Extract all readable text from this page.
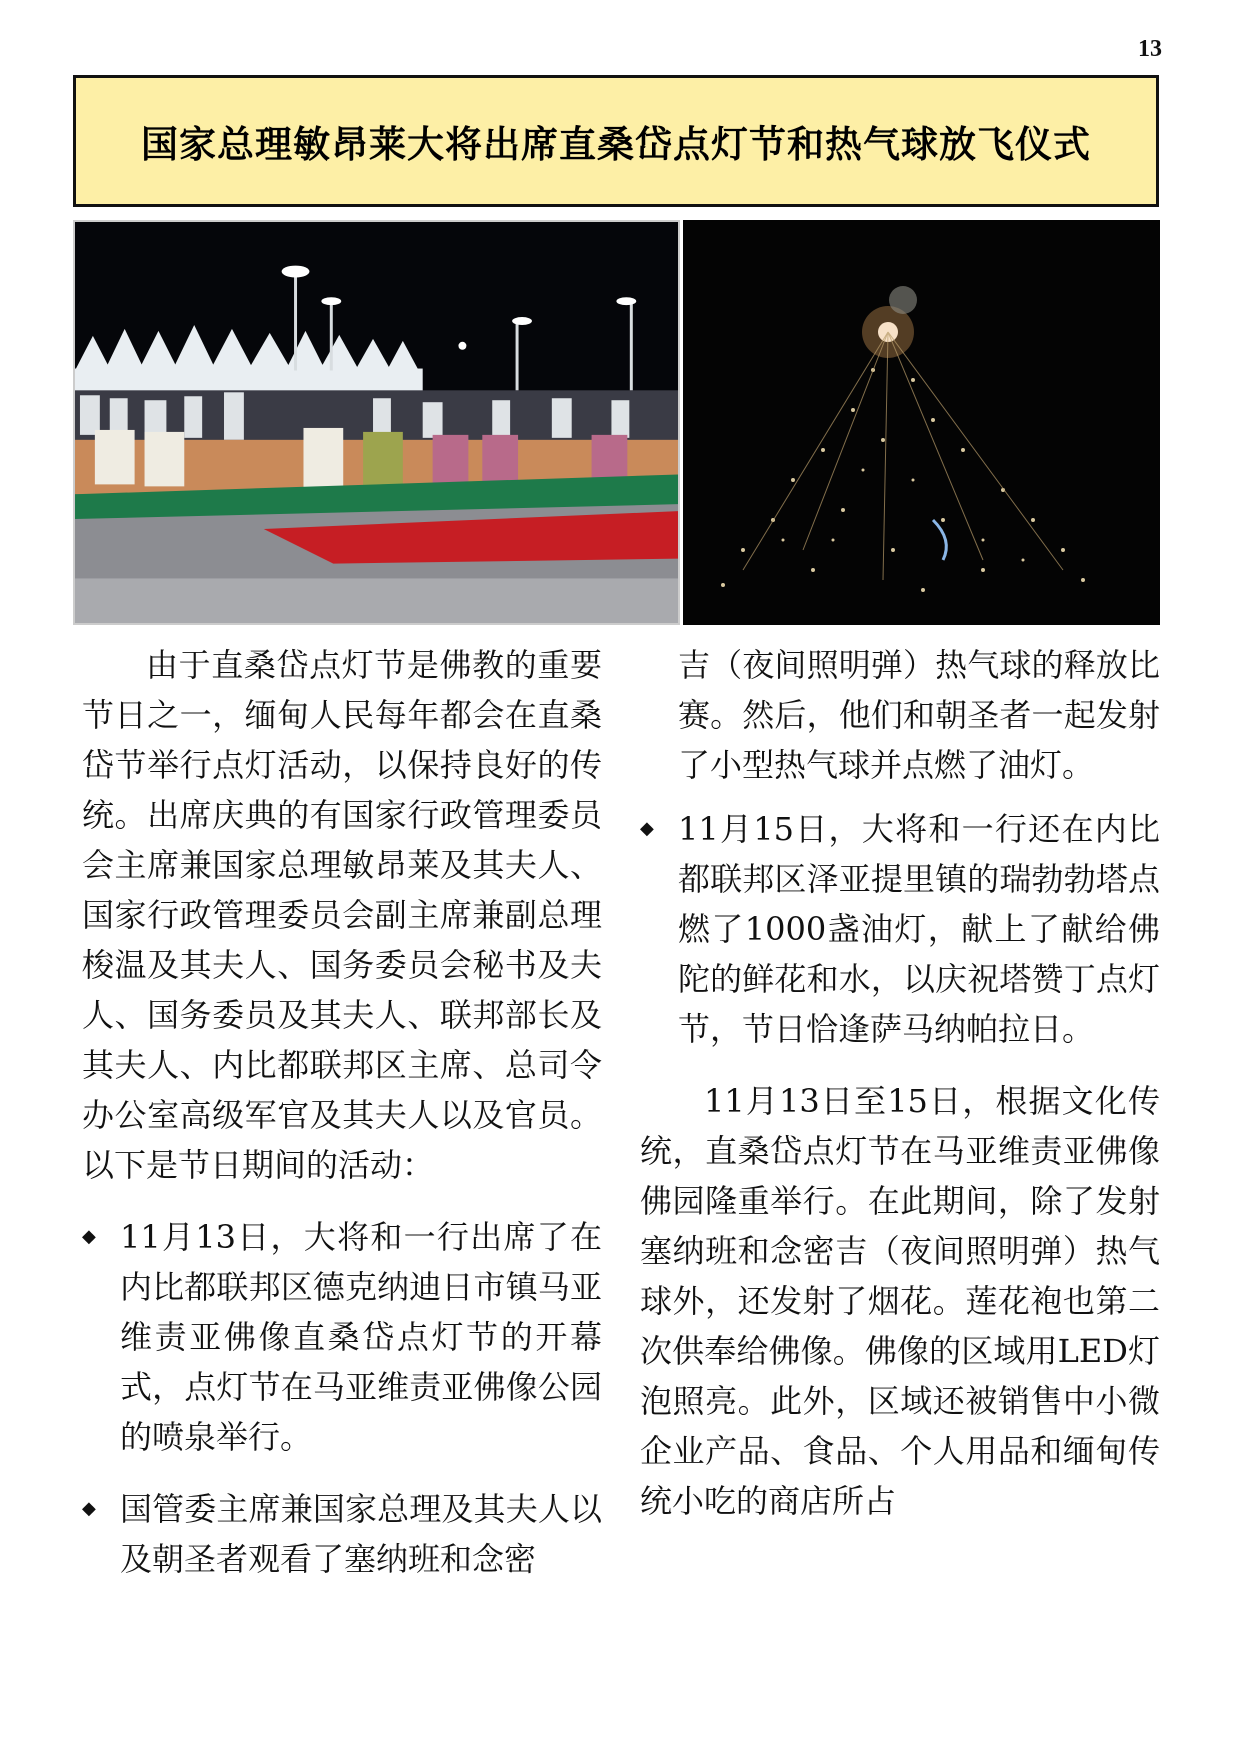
13
国家总理敏昂莱大将出席直桑岱点灯节和热气球放飞仪式

由于直桑岱点灯节是佛教的重要节日之一，缅甸人民每年都会在直桑岱节举行点灯活动，以保持良好的传统。出席庆典的有国家行政管理委员会主席兼国家总理敏昂莱及其夫人、国家行政管理委员会副主席兼副总理梭温及其夫人、国务委员会秘书及夫人、国务委员及其夫人、联邦部长及其夫人、内比都联邦区主席、总司令办公室高级军官及其夫人以及官员。以下是节日期间的活动：

◆ 11月13日，大将和一行出席了在内比都联邦区德克纳迪日市镇马亚维责亚佛像直桑岱点灯节的开幕式，点灯节在马亚维责亚佛像公园的喷泉举行。

◆ 国管委主席兼国家总理及其夫人以及朝圣者观看了塞纳班和念密

吉（夜间照明弹）热气球的释放比赛。然后，他们和朝圣者一起发射了小型热气球并点燃了油灯。

◆ 11月15日，大将和一行还在内比都联邦区泽亚提里镇的瑞勃勃塔点燃了1000盏油灯，献上了献给佛陀的鲜花和水，以庆祝塔赞丁点灯节，节日恰逢萨马纳帕拉日。

11月13日至15日，根据文化传统，直桑岱点灯节在马亚维责亚佛像佛园隆重举行。在此期间，除了发射塞纳班和念密吉（夜间照明弹）热气球外，还发射了烟花。莲花袍也第二次供奉给佛像。佛像的区域用LED灯泡照亮。此外，区域还被销售中小微企业产品、食品、个人用品和缅甸传统小吃的商店所占
